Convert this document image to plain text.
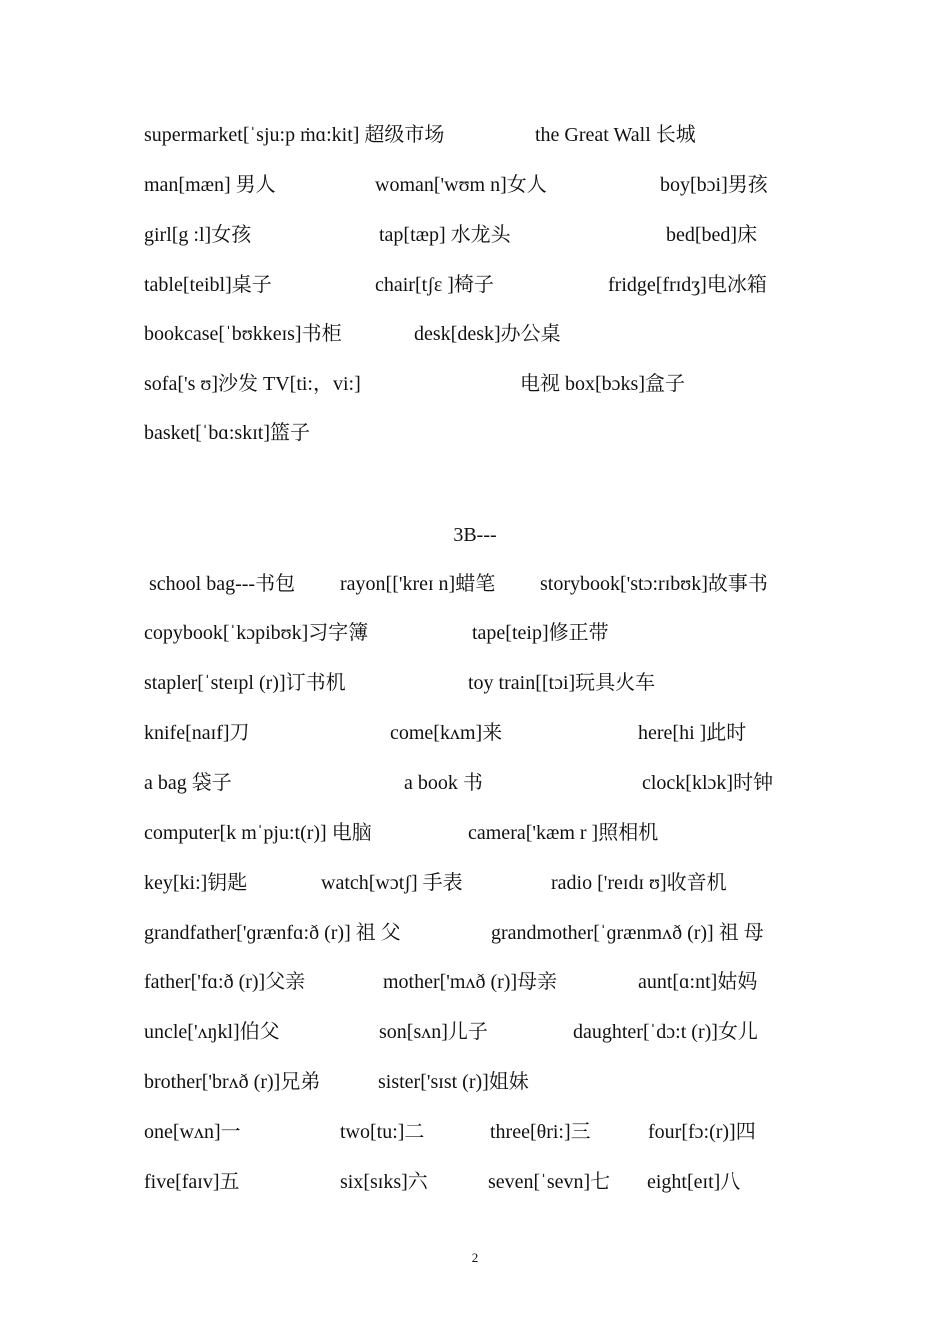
supermarket[ˈsju:p ṁɑ:kit] 超级市场	the Great Wall 长城
man[mæn] 男人	woman['wʊm n]女人	boy[bɔi]男孩
girl[g :l]女孩	tap[tæp] 水龙头	bed[bed]床
table[teibl]桌子	chair[tʃɛ ]椅子	fridge[frɪdʒ]电冰箱
bookcase[ˈbʊkkeɪs]书柜	desk[desk]办公桌
sofa['s ʊ]沙发 TV[ti:，vi:]	电视 box[bɔks]盒子
basket[ˈbɑ:skɪt]篮子
3B---
school bag---书包 rayon[['kreɪ n]蜡笔 storybook['stɔ:rɪbʊk]故事书
copybook[ˈkɔpibʊk]习字簿	tape[teip]修正带
stapler[ˈsteɪpl (r)]订书机	toy train[[tɔi]玩具火车
knife[naɪf]刀	come[kʌm]来	here[hi ]此时
a bag 袋子	a book 书	clock[klɔk]时钟
computer[k mˈpju:t(r)] 电脑	camera['kæm r ]照相机
key[ki:]钥匙	watch[wɔtʃ] 手表	radio ['reɪdɪ ʊ]收音机
grandfather['ɡrænfɑ:ð (r)] 祖 父	grandmother[ˈɡrænmʌð (r)] 祖 母
father['fɑ:ð (r)]父亲	mother['mʌð (r)]母亲	aunt[ɑ:nt]姑妈
uncle['ʌŋkl]伯父	son[sʌn]儿子	daughter[ˈdɔ:t (r)]女儿
brother['brʌð (r)]兄弟	sister['sɪst (r)]姐妹
one[wʌn]一	two[tu:]二	three[θri:]三	four[fɔ:(r)]四
five[faɪv]五	six[sɪks]六	seven[ˈsevn]七 eight[eɪt]八
2
